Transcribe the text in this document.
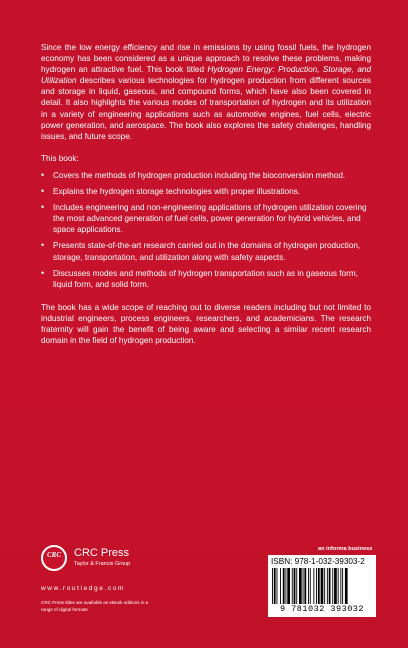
Since the low energy efficiency and rise in emissions by using fossil fuels, the hydrogen economy has been considered as a unique approach to resolve these problems, making hydrogen an attractive fuel. This book titled Hydrogen Energy: Production, Storage, and Utilization describes various technologies for hydrogen production from different sources and storage in liquid, gaseous, and compound forms, which have also been covered in detail. It also highlights the various modes of transportation of hydrogen and its utilization in a variety of engineering applications such as automotive engines, fuel cells, electric power generation, and aerospace. The book also explores the safety challenges, handling issues, and future scope.

This book:

• Covers the methods of hydrogen production including the bioconversion method.
• Explains the hydrogen storage technologies with proper illustrations.
• Includes engineering and non-engineering applications of hydrogen utilization covering the most advanced generation of fuel cells, power generation for hybrid vehicles, and space applications.
• Presents state-of-the-art research carried out in the domains of hydrogen production, storage, transportation, and utilization along with safety aspects.
• Discusses modes and methods of hydrogen transportation such as in gaseous form, liquid form, and solid form.

The book has a wide scope of reaching out to diverse readers including but not limited to industrial engineers, process engineers, researchers, and academicians. The research fraternity will gain the benefit of being aware and selecting a similar recent research domain in the field of hydrogen production.

CRC	CRC Press
Taylor & Francis Group
www.routledge.com
CRC Press titles are available as eBook editions in a range of digital formats
an informa business
ISBN: 978-1-032-39303-2
9 781032 393032
